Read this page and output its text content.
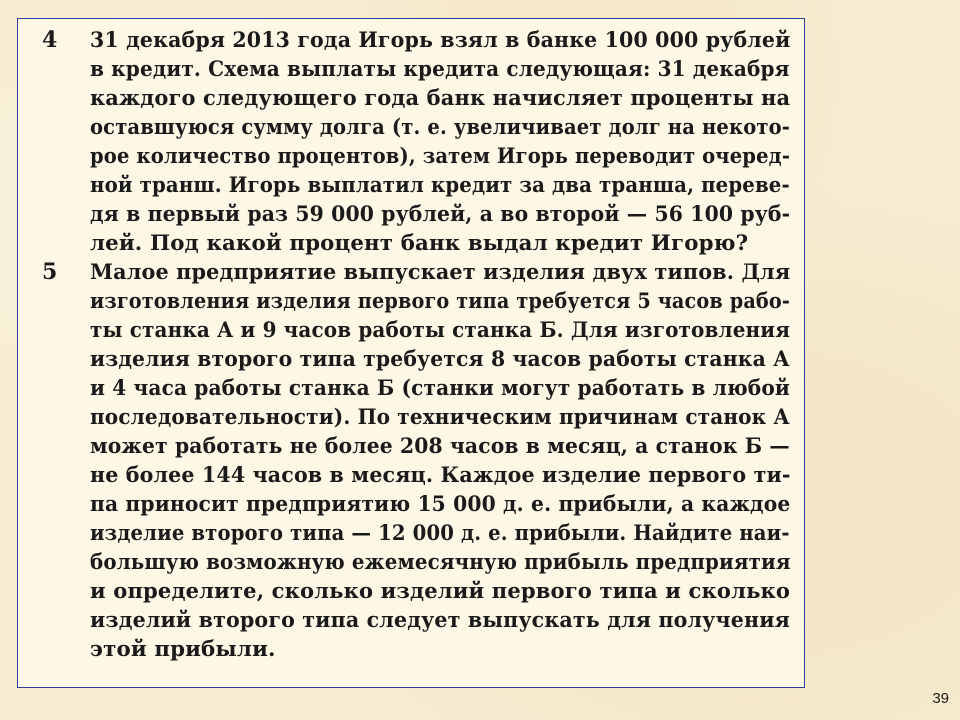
4 31 декабря 2013 года Игорь взял в банке 100 000 рублей
в кредит. Схема выплаты кредита следующая: 31 декабря
каждого следующего года банк начисляет проценты на
оставшуюся сумму долга (т. е. увеличивает долг на некото-
рое количество процентов), затем Игорь переводит очеред-
ной транш. Игорь выплатил кредит за два транша, переве-
дя в первый раз 59 000 рублей, а во второй — 56 100 руб-
лей. Под какой процент банк выдал кредит Игорю?
5 Малое предприятие выпускает изделия двух типов. Для
изготовления изделия первого типа требуется 5 часов рабо-
ты станка А и 9 часов работы станка Б. Для изготовления
изделия второго типа требуется 8 часов работы станка А
и 4 часа работы станка Б (станки могут работать в любой
последовательности). По техническим причинам станок А
может работать не более 208 часов в месяц, а станок Б —
не более 144 часов в месяц. Каждое изделие первого ти-
па приносит предприятию 15 000 д. е. прибыли, а каждое
изделие второго типа — 12 000 д. е. прибыли. Найдите наи-
большую возможную ежемесячную прибыль предприятия
и определите, сколько изделий первого типа и сколько
изделий второго типа следует выпускать для получения
этой прибыли.
39
